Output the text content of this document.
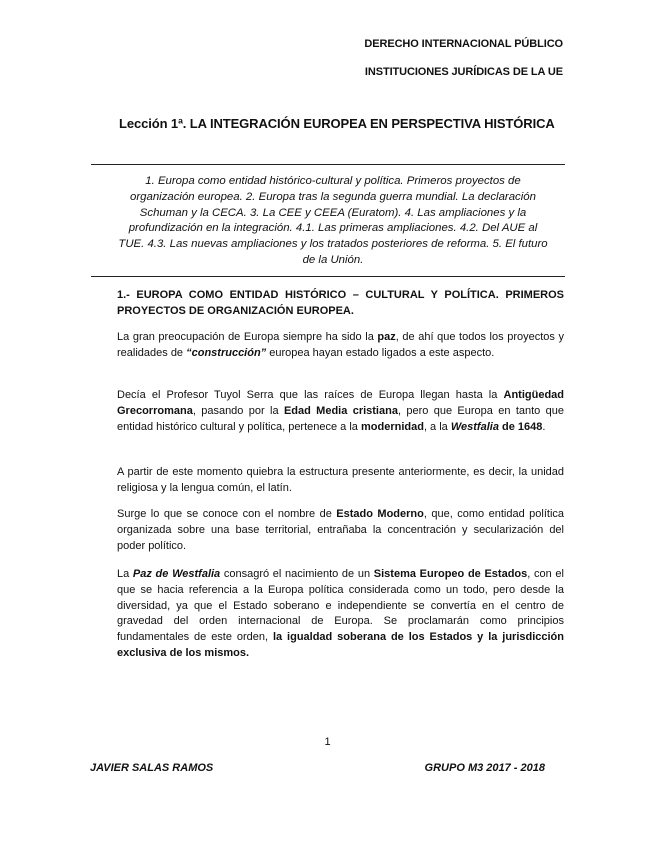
DERECHO INTERNACIONAL PÚBLICO
INSTITUCIONES JURÍDICAS DE LA UE
Lección 1ª. LA INTEGRACIÓN EUROPEA EN PERSPECTIVA HISTÓRICA

1. Europa como entidad histórico-cultural y política. Primeros proyectos de organización europea. 2. Europa tras la segunda guerra mundial. La declaración Schuman y la CECA. 3. La CEE y CEEA (Euratom). 4. Las ampliaciones y la profundización en la integración. 4.1. Las primeras ampliaciones. 4.2. Del AUE al TUE. 4.3. Las nuevas ampliaciones y los tratados posteriores de reforma. 5. El futuro de la Unión.

1.- EUROPA COMO ENTIDAD HISTÓRICO – CULTURAL Y POLÍTICA. PRIMEROS PROYECTOS DE ORGANIZACIÓN EUROPEA.

La gran preocupación de Europa siempre ha sido la paz, de ahí que todos los proyectos y realidades de “construcción” europea hayan estado ligados a este aspecto.

Decía el Profesor Tuyol Serra que las raíces de Europa llegan hasta la Antigüedad Grecorromana, pasando por la Edad Media cristiana, pero que Europa en tanto que entidad histórico cultural y política, pertenece a la modernidad, a la Westfalia de 1648.

A partir de este momento quiebra la estructura presente anteriormente, es decir, la unidad religiosa y la lengua común, el latín.

Surge lo que se conoce con el nombre de Estado Moderno, que, como entidad política organizada sobre una base territorial, entrañaba la concentración y secularización del poder político.

La Paz de Westfalia consagró el nacimiento de un Sistema Europeo de Estados, con el que se hacia referencia a la Europa política considerada como un todo, pero desde la diversidad, ya que el Estado soberano e independiente se convertía en el centro de gravedad del orden internacional de Europa. Se proclamarán como principios fundamentales de este orden, la igualdad soberana de los Estados y la jurisdicción exclusiva de los mismos.

1
JAVIER SALAS RAMOS	GRUPO M3 2017 - 2018
